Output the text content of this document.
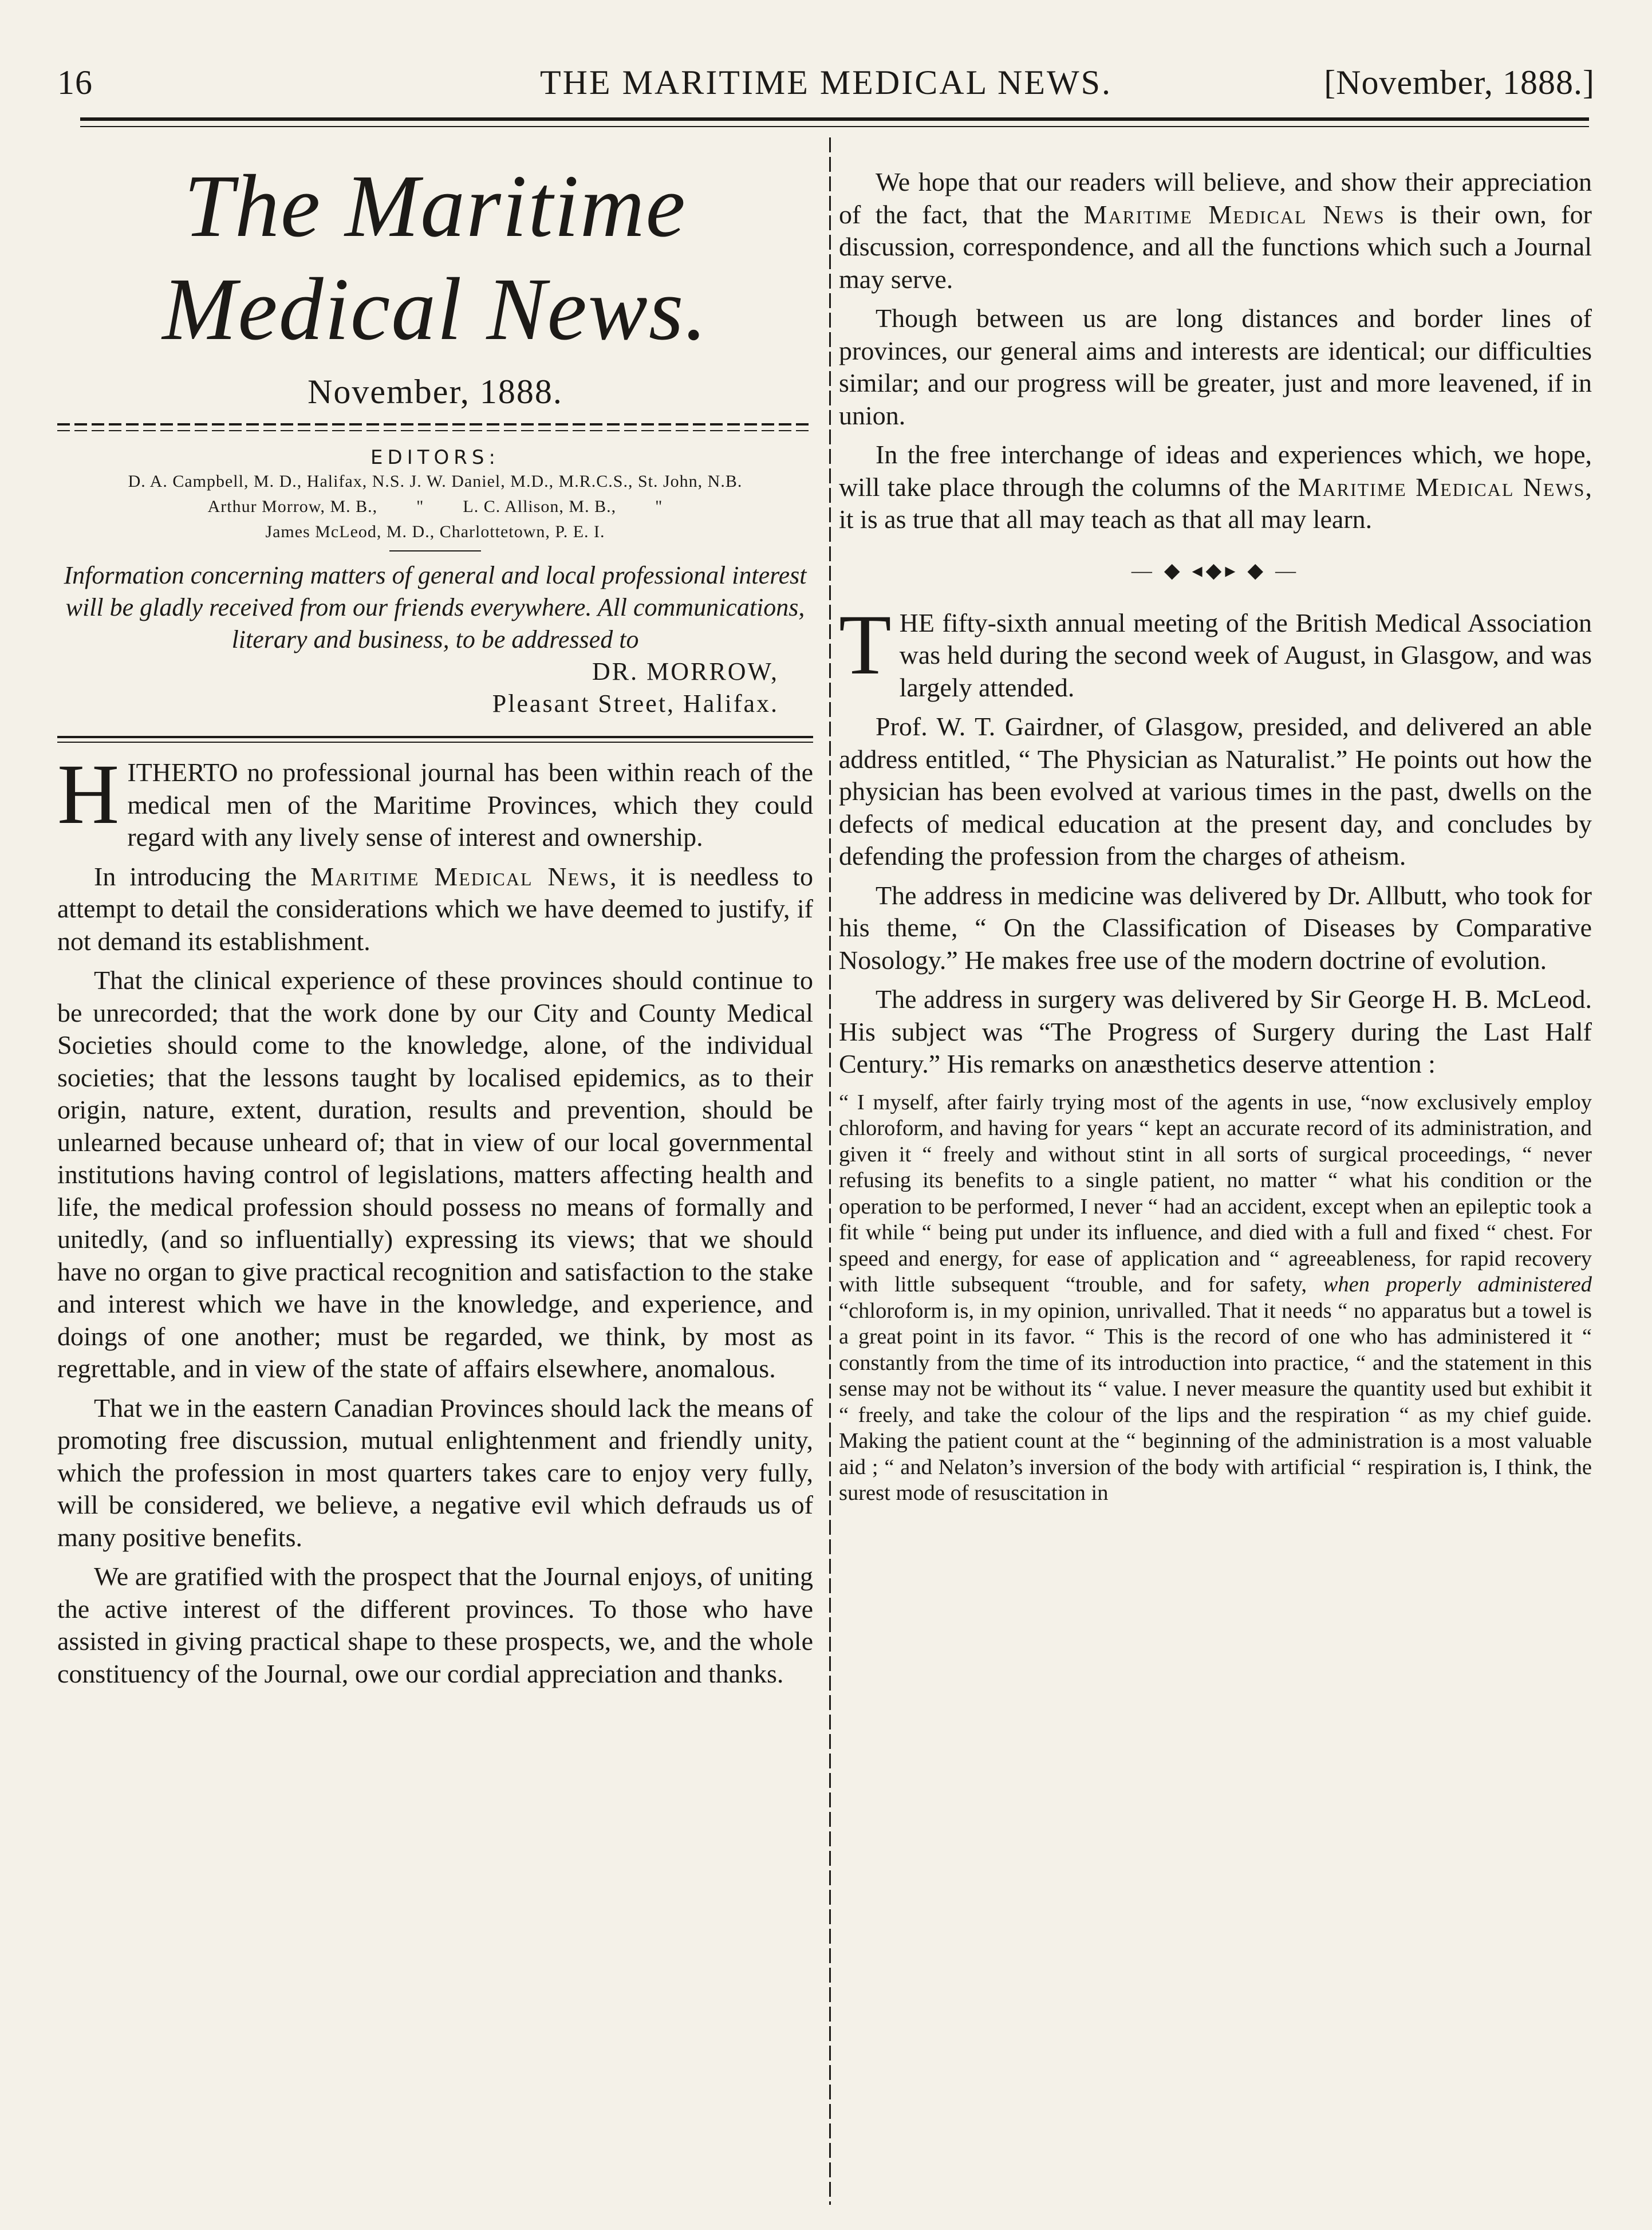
16	THE MARITIME MEDICAL NEWS.	[November, 1888.]
The Maritime Medical News.
November, 1888.
EDITORS:
D. A. Campbell, M. D., Halifax, N.S. J. W. Daniel, M.D., M.R.C.S., St. John, N.B.
Arthur Morrow, M. B.,        "        L. C. Allison, M. B.,        "
James McLeod, M. D., Charlottetown, P. E. I.
Information concerning matters of general and local professional interest will be gladly received from our friends everywhere. All communications, literary and business, to be addressed to
DR. MORROW,
Pleasant Street, Halifax.

HITHERTO no professional journal has been within reach of the medical men of the Maritime Provinces, which they could regard with any lively sense of interest and ownership.

In introducing the Maritime Medical News, it is needless to attempt to detail the considerations which we have deemed to justify, if not demand its establishment.

That the clinical experience of these provinces should continue to be unrecorded; that the work done by our City and County Medical Societies should come to the knowledge, alone, of the individual societies; that the lessons taught by localised epidemics, as to their origin, nature, extent, duration, results and prevention, should be unlearned because unheard of; that in view of our local governmental institutions having control of legislations, matters affecting health and life, the medical profession should possess no means of formally and unitedly, (and so influentially) expressing its views; that we should have no organ to give practical recognition and satisfaction to the stake and interest which we have in the knowledge, and experience, and doings of one another; must be regarded, we think, by most as regrettable, and in view of the state of affairs elsewhere, anomalous.

That we in the eastern Canadian Provinces should lack the means of promoting free discussion, mutual enlightenment and friendly unity, which the profession in most quarters takes care to enjoy very fully, will be considered, we believe, a negative evil which defrauds us of many positive benefits.

We are gratified with the prospect that the Journal enjoys, of uniting the active interest of the different provinces. To those who have assisted in giving practical shape to these prospects, we, and the whole constituency of the Journal, owe our cordial appreciation and thanks.

We hope that our readers will believe, and show their appreciation of the fact, that the Maritime Medical News is their own, for discussion, correspondence, and all the functions which such a Journal may serve.

Though between us are long distances and border lines of provinces, our general aims and interests are identical; our difficulties similar; and our progress will be greater, just and more leavened, if in union.

In the free interchange of ideas and experiences which, we hope, will take place through the columns of the Maritime Medical News, it is as true that all may teach as that all may learn.

— ◆ ◂◆▸ ◆ —

THE fifty-sixth annual meeting of the British Medical Association was held during the second week of August, in Glasgow, and was largely attended.

Prof. W. T. Gairdner, of Glasgow, presided, and delivered an able address entitled, “ The Physician as Naturalist.” He points out how the physician has been evolved at various times in the past, dwells on the defects of medical education at the present day, and concludes by defending the profession from the charges of atheism.

The address in medicine was delivered by Dr. Allbutt, who took for his theme, “ On the Classification of Diseases by Comparative Nosology.” He makes free use of the modern doctrine of evolution.

The address in surgery was delivered by Sir George H. B. McLeod. His subject was “The Progress of Surgery during the Last Half Century.” His remarks on anæsthetics deserve attention :

“ I myself, after fairly trying most of the agents in use, “now exclusively employ chloroform, and having for years “ kept an accurate record of its administration, and given it “ freely and without stint in all sorts of surgical proceedings, “ never refusing its benefits to a single patient, no matter “ what his condition or the operation to be performed, I never “ had an accident, except when an epileptic took a fit while “ being put under its influence, and died with a full and fixed “ chest. For speed and energy, for ease of application and “ agreeableness, for rapid recovery with little subsequent “trouble, and for safety, when properly administered “chloroform is, in my opinion, unrivalled. That it needs “ no apparatus but a towel is a great point in its favor. “ This is the record of one who has administered it “ constantly from the time of its introduction into practice, “ and the statement in this sense may not be without its “ value. I never measure the quantity used but exhibit it “ freely, and take the colour of the lips and the respiration “ as my chief guide. Making the patient count at the “ beginning of the administration is a most valuable aid ; “ and Nelaton’s inversion of the body with artificial “ respiration is, I think, the surest mode of resuscitation in
